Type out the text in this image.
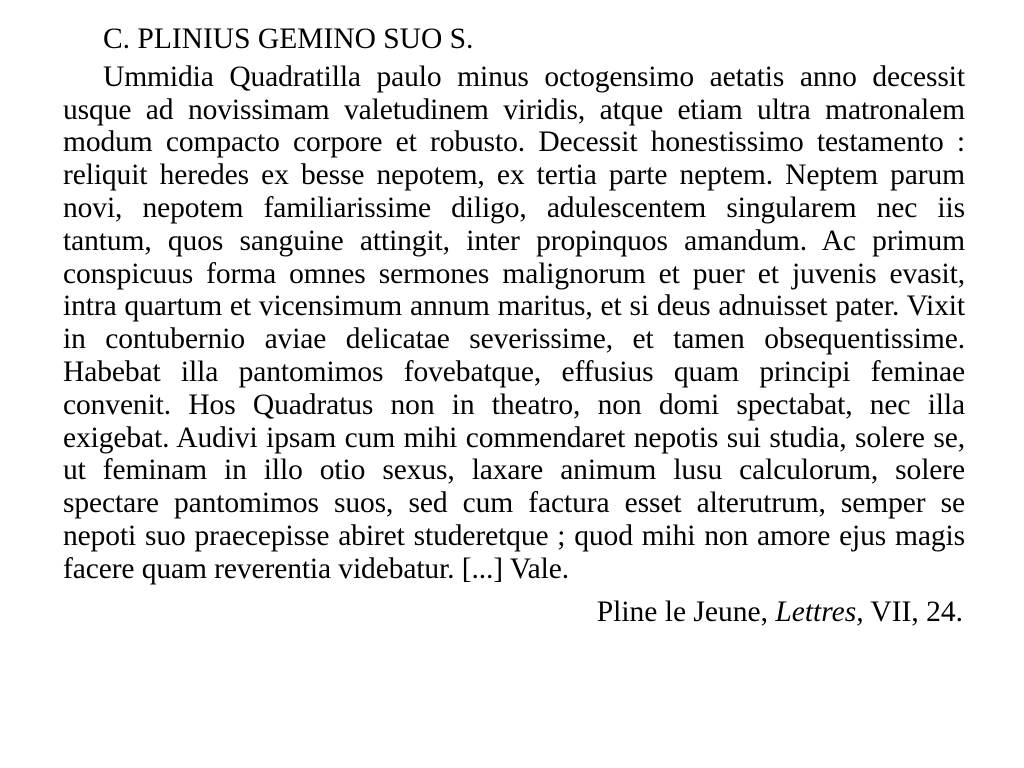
C. PLINIUS GEMINO SUO S.

Ummidia Quadratilla paulo minus octogensimo aetatis anno decessit usque ad novissimam valetudinem viridis, atque etiam ultra matronalem modum compacto corpore et robusto. Decessit honestissimo testamento : reliquit heredes ex besse nepotem, ex tertia parte neptem. Neptem parum novi, nepotem familiarissime diligo, adulescentem singularem nec iis tantum, quos sanguine attingit, inter propinquos amandum. Ac primum conspicuus forma omnes sermones malignorum et puer et juvenis evasit, intra quartum et vicensimum annum maritus, et si deus adnuisset pater. Vixit in contubernio aviae delicatae severissime, et tamen obsequentissime. Habebat illa pantomimos fovebatque, effusius quam principi feminae convenit. Hos Quadratus non in theatro, non domi spectabat, nec illa exigebat. Audivi ipsam cum mihi commendaret nepotis sui studia, solere se, ut feminam in illo otio sexus, laxare animum lusu calculorum, solere spectare pantomimos suos, sed cum factura esset alterutrum, semper se nepoti suo praecepisse abiret studeretque ; quod mihi non amore ejus magis facere quam reverentia videbatur. [...] Vale.

Pline le Jeune, Lettres, VII, 24.
